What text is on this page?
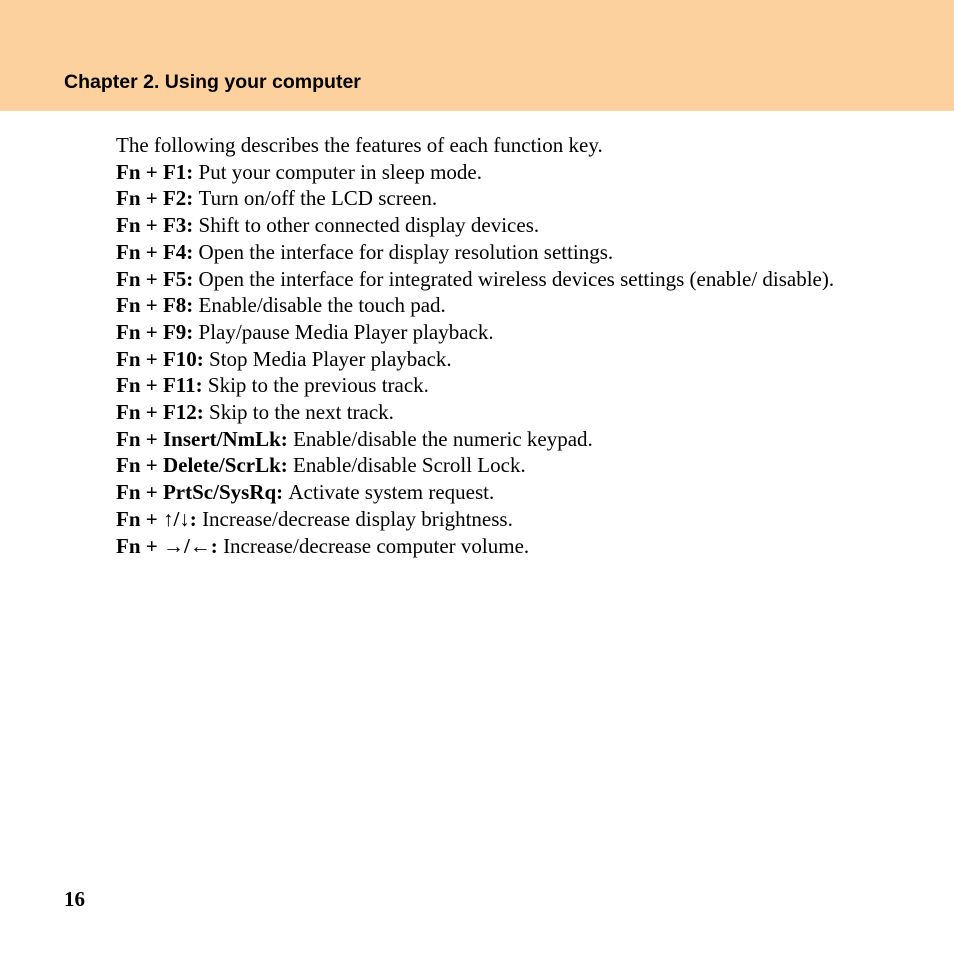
Chapter 2. Using your computer

The following describes the features of each function key.

Fn + F1: Put your computer in sleep mode.
Fn + F2: Turn on/off the LCD screen.
Fn + F3: Shift to other connected display devices.
Fn + F4: Open the interface for display resolution settings.
Fn + F5: Open the interface for integrated wireless devices settings (enable/ disable).
Fn + F8: Enable/disable the touch pad.
Fn + F9: Play/pause Media Player playback.
Fn + F10: Stop Media Player playback.
Fn + F11: Skip to the previous track.
Fn + F12: Skip to the next track.
Fn + Insert/NmLk: Enable/disable the numeric keypad.
Fn + Delete/ScrLk: Enable/disable Scroll Lock.
Fn + PrtSc/SysRq: Activate system request.
Fn + ↑/↓: Increase/decrease display brightness.
Fn + →/←: Increase/decrease computer volume.
16
